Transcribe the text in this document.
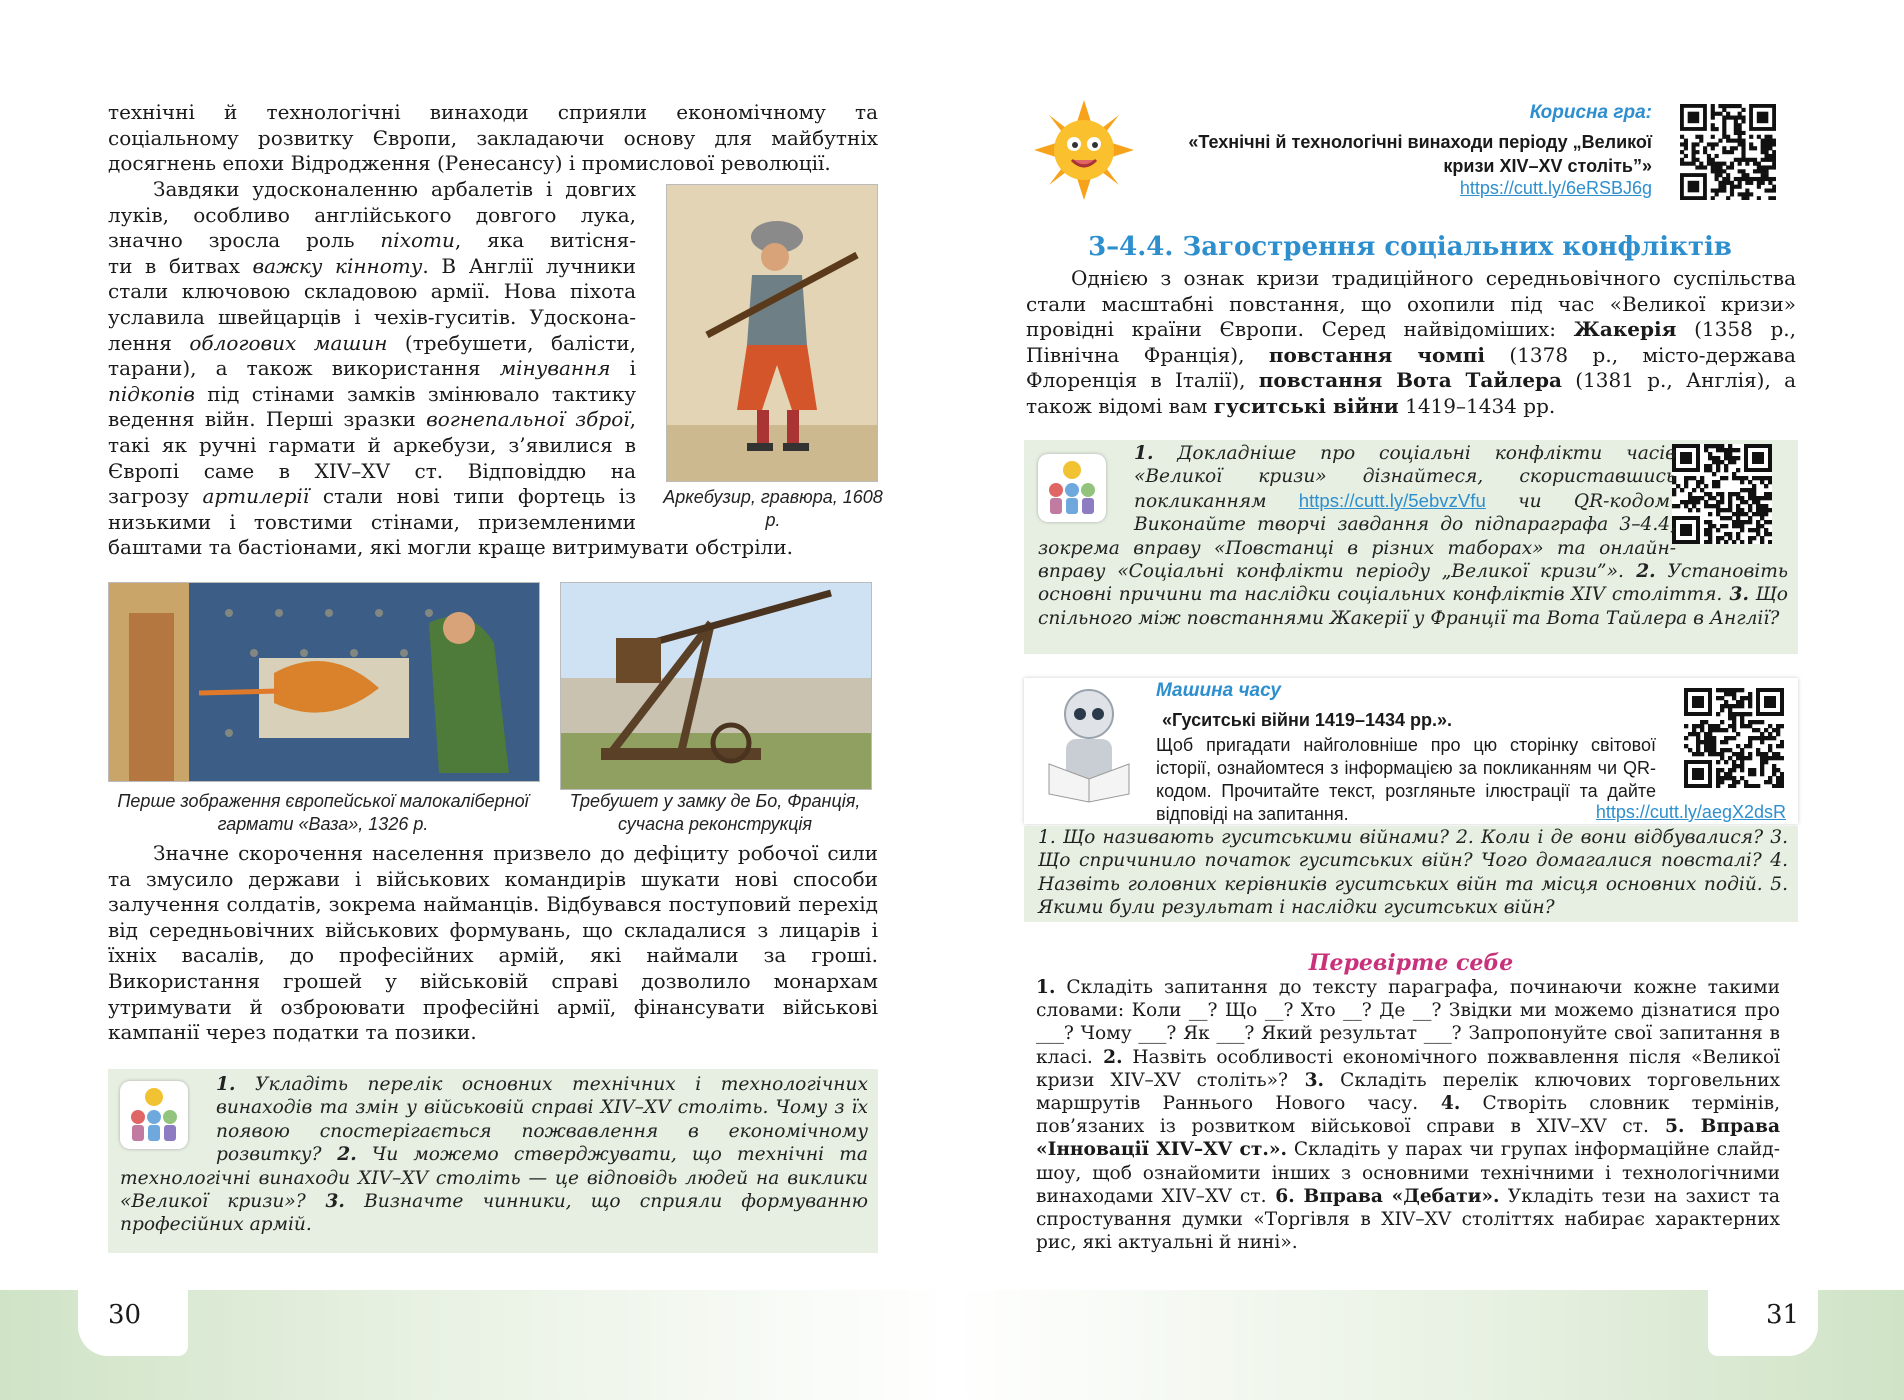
технічні й технологічні винаходи сприяли економічному та соціальному розвитку Європи, закладаючи основу для майбутніх досягнень епохи Відродження (Ренесансу) і промислової революції.
Завдяки удосконаленню арбалетів і довгих
луків, особливо англійського довгого лука,
значно зросла роль піхоти, яка витісня-
ти в битвах важку кінноту. В Англії лучники
стали ключовою складовою армії. Нова піхота
уславила швейцарців і чехів-гуситів. Удоскона-
лення облогових машин (требушети, балісти,
тарани), а також використання мінування і
підкопів під стінами замків змінювало тактику
ведення війн. Перші зразки вогнепальної зброї,
такі як ручні гармати й аркебузи, з’явилися в
Європі саме в XIV–XV ст. Відповіддю на
загрозу артилерії стали нові типи фортець із
низькими і товстими стінами, приземленими
баштами та бастіонами, які могли краще витримувати обстріли.
Аркебузир, гравюра, 1608 р.
Перше зображення європейської малокаліберної гармати «Ваза», 1326 р.
Требушет у замку де Бо, Франція, сучасна реконструкція
Значне скорочення населення призвело до дефіциту робочої сили та змусило держави і військових командирів шукати нові способи залучення солдатів, зокрема найманців. Відбувався поступовий перехід від середньовічних військових формувань, що складалися з лицарів і їхніх васалів, до професійних армій, які наймали за гроші. Використання грошей у військовій справі дозволило монархам утримувати й озброювати професійні армії, фінансувати військові кампанії через податки та позики.
1. Укладіть перелік основних технічних і технологічних винаходів та змін у військовій справі XIV–XV століть. Чому з їх появою спостерігається пожвавлення в економічному розвитку? 2. Чи можемо стверджувати, що технічні та технологічні винаходи XIV–XV століть — це відповідь людей на виклики «Великої кризи»? 3. Визначте чинники, що сприяли формуванню професійних армій.
Корисна гра:
«Технічні й технологічні винаходи періоду „Великої кризи XIV–XV століть”»
https://cutt.ly/6eRSBJ6g
3–4.4. Загострення соціальних конфліктів
Однією з ознак кризи традиційного середньовічного суспільства стали масштабні повстання, що охопили під час «Великої кризи» провідні країни Європи. Серед найвідоміших: Жакерія (1358 р., Північна Франція), повстання чомпі (1378 р., місто-держава Флоренція в Італії), повстання Вота Тайлера (1381 р., Англія), а також відомі вам гуситські війни 1419–1434 рр.
1. Докладніше про соціальні конфлікти часів «Великої кризи» дізнайтеся, скориставшись покликанням https://cutt.ly/5ebvzVfu чи QR-кодом. Виконайте творчі завдання до підпараграфа 3–4.4, зокрема вправу «Повстанці в різних таборах» та онлайн-вправу «Соціальні конфлікти періоду „Великої кризи”». 2. Установіть основні причини та наслідки соціальних конфліктів XIV століття. 3. Що спільного між повстаннями Жакерії у Франції та Вота Тайлера в Англії?
Машина часу
«Гуситські війни 1419–1434 рр.».
Щоб пригадати найголовніше про цю сторінку світової історії, ознайомтеся з інформацією за покликанням чи QR-кодом. Прочитайте текст, розгляньте ілюстрації та дайте відповіді на запитання.	https://cutt.ly/aegX2dsR
1. Що називають гуситськими війнами? 2. Коли і де вони відбувалися? 3. Що спричинило початок гуситських війн? Чого домагалися повсталі? 4. Назвіть головних керівників гуситських війн та місця основних подій. 5. Якими були результат і наслідки гуситських війн?
Перевірте себе
1. Складіть запитання до тексту параграфа, починаючи кожне такими словами: Коли __? Що __? Хто __? Де __? Звідки ми можемо дізнатися про ___? Чому ___? Як ___? Який результат ___? Запропонуйте свої запитання в класі. 2. Назвіть особливості економічного пожвавлення після «Великої кризи XIV–XV століть»? 3. Складіть перелік ключових торговельних маршрутів Раннього Нового часу. 4. Створіть словник термінів, пов’язаних із розвитком військової справи в XIV–XV ст. 5. Вправа «Інновації XIV–XV ст.». Складіть у парах чи групах інформаційне слайд-шоу, щоб ознайомити інших з основними технічними і технологічними винаходами XIV–XV ст. 6. Вправа «Дебати». Укладіть тези на захист та спростування думки «Торгівля в XIV–XV століттях набирає характерних рис, які актуальні й нині».
30	31
